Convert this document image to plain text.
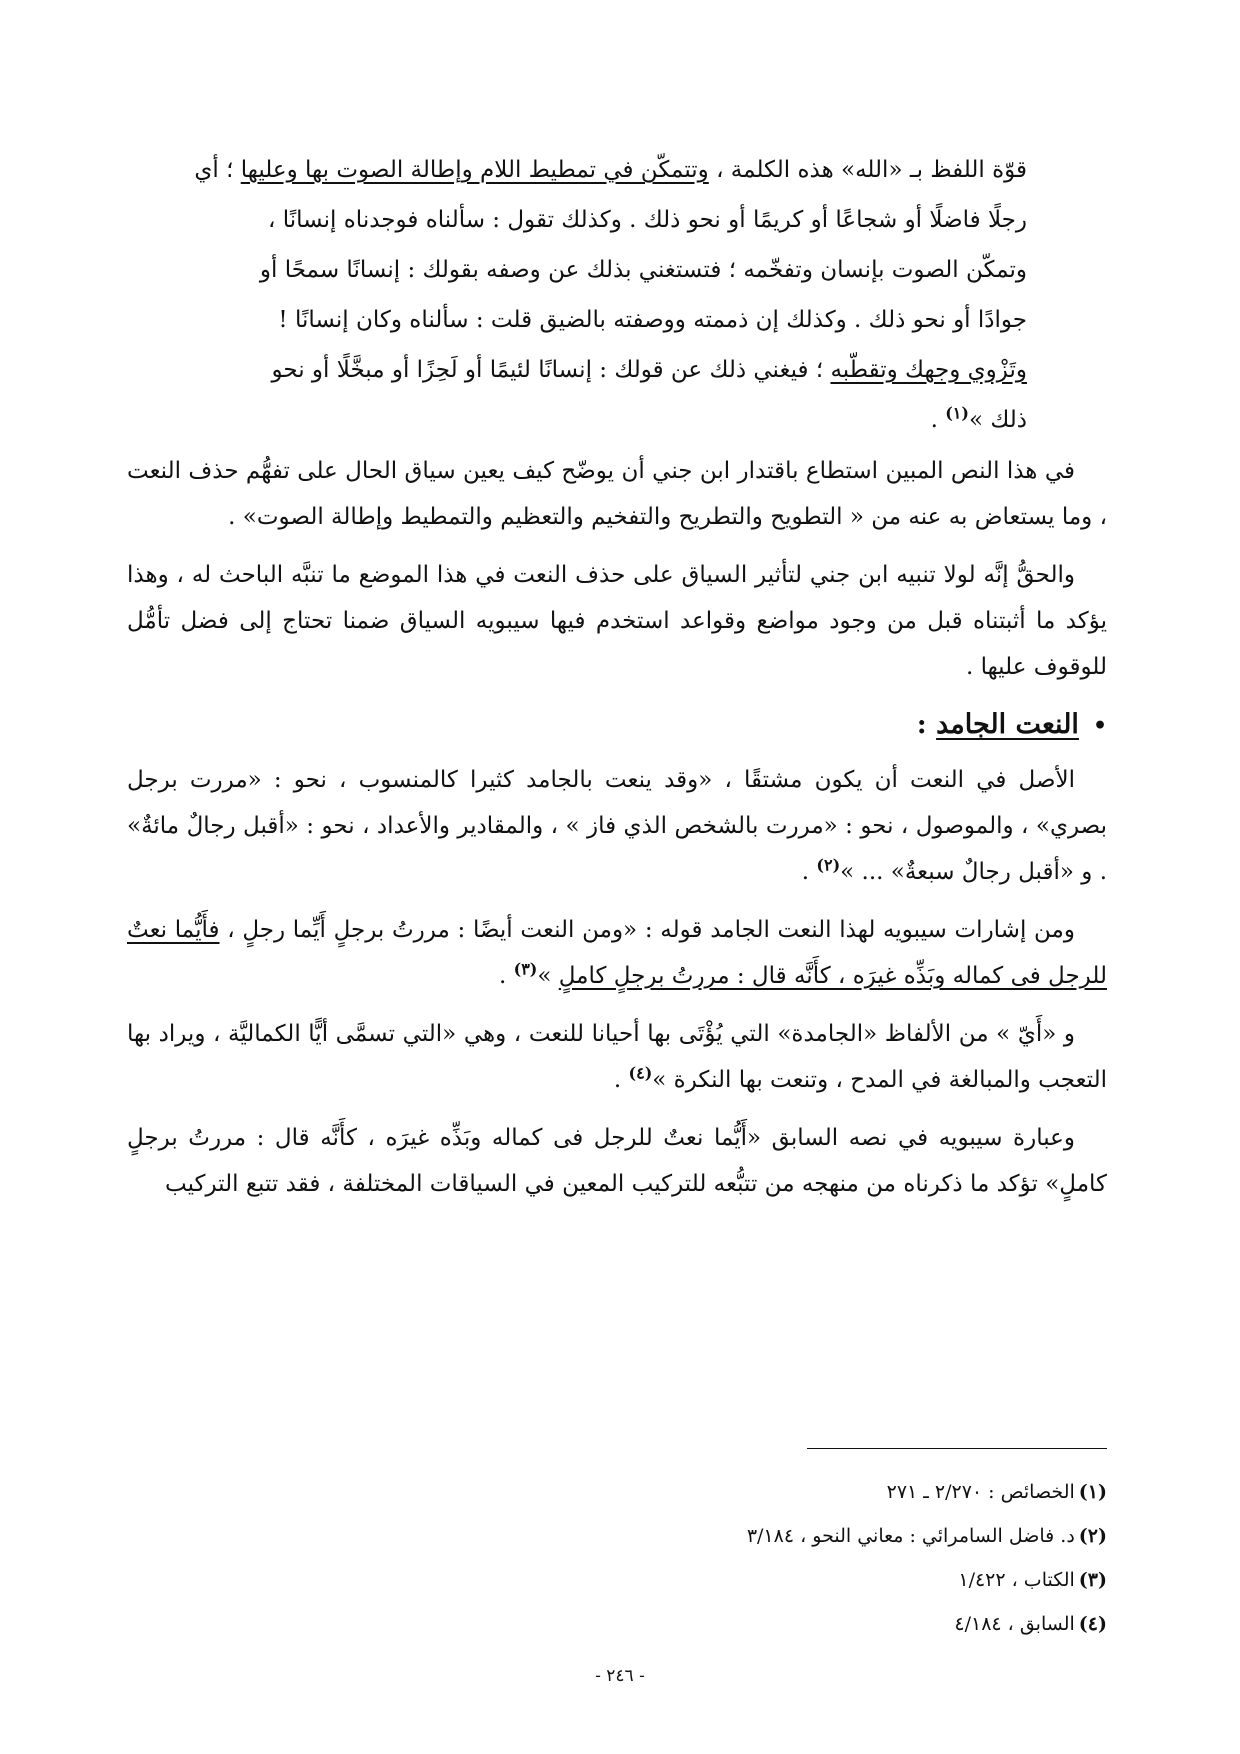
قوّة اللفظ بـ «الله» هذه الكلمة ، وتتمكّن في تمطيط اللام وإطالة الصوت بها وعليها ؛ أي
رجلًا فاضلًا أو شجاعًا أو كريمًا أو نحو ذلك . وكذلك تقول : سألناه فوجدناه إنسانًا ،
وتمكّن الصوت بإنسان وتفخّمه ؛ فتستغني بذلك عن وصفه بقولك : إنسانًا سمحًا أو
جوادًا أو نحو ذلك . وكذلك إن ذممته ووصفته بالضيق قلت : سألناه وكان إنسانًا !
وتَزْوي وجهك وتقطّبه ؛ فيغني ذلك عن قولك : إنسانًا لئيمًا أو لَحِزًا أو مبخَّلًا أو نحو
ذلك »$^{(١)}$ .

في هذا النص المبين استطاع باقتدار ابن جني أن يوضّح كيف يعين سياق الحال على تفهُّم حذف النعت ، وما يستعاض به عنه من « التطويح والتطريح والتفخيم والتعظيم والتمطيط وإطالة الصوت» .

والحقُّ إنَّه لولا تنبيه ابن جني لتأثير السياق على حذف النعت في هذا الموضع ما تنبَّه الباحث له ، وهذا يؤكد ما أثبتناه قبل من وجود مواضع وقواعد استخدم فيها سيبويه السياق ضمنا تحتاج إلى فضل تأمُّل للوقوف عليها .

•النعت الجامد :

الأصل في النعت أن يكون مشتقًا ، «وقد ينعت بالجامد كثيرا كالمنسوب ، نحو : «مررت برجل بصري» ، والموصول ، نحو : «مررت بالشخص الذي فاز » ، والمقادير والأعداد ، نحو : «أقبل رجالٌ مائةٌ» . و «أقبل رجالٌ سبعةٌ» ... »$^{(٢)}$ .

ومن إشارات سيبويه لهذا النعت الجامد قوله : «ومن النعت أيضًا : مررتُ برجلٍ أَيِّما رجلٍ ، فأَيُّما نعتٌ للرجل فى كماله وبَذِّه غيرَه ، كأَنَّه قال : مررتُ برجلٍ كاملٍ »$^{(٣)}$ .

و «أَيّ » من الألفاظ «الجامدة» التي يُؤْتَى بها أحيانا للنعت ، وهي «التي تسمَّى أيًّا الكماليَّة ، ويراد بها التعجب والمبالغة في المدح ، وتنعت بها النكرة »$^{(٤)}$ .

وعبارة سيبويه في نصه السابق «أَيُّما نعتٌ للرجل فى كماله وبَذِّه غيرَه ، كأَنَّه قال : مررتُ برجلٍ كاملٍ» تؤكد ما ذكرناه من منهجه من تتبُّعه للتركيب المعين في السياقات المختلفة ، فقد تتبع التركيب

(١)الخصائص : ٢/٢٧٠ ـ ٢٧١
(٢)د. فاضل السامرائي : معاني النحو ، ٣/١٨٤
(٣)الكتاب ، ١/٤٢٢
(٤)السابق ، ٤/١٨٤
- ٢٤٦ -
